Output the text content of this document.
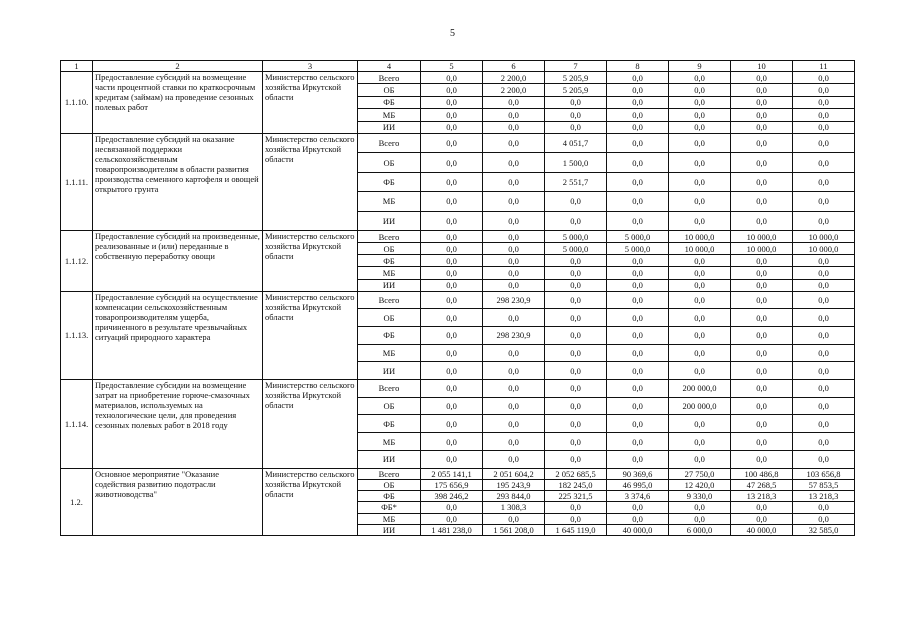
5
1	2	3	4	5	6	7	8	9	10	11
1.1.10.	Предоставление субсидий на возмещение части процентной ставки по краткосрочным кредитам (займам) на проведение сезонных полевых работ	Министерство сельского хозяйства Иркутской области	Всего	0,0	2 200,0	5 205,9	0,0	0,0	0,0	0,0
			ОБ	0,0	2 200,0	5 205,9	0,0	0,0	0,0	0,0
			ФБ	0,0	0,0	0,0	0,0	0,0	0,0	0,0
			МБ	0,0	0,0	0,0	0,0	0,0	0,0	0,0
			ИИ	0,0	0,0	0,0	0,0	0,0	0,0	0,0
1.1.11.	Предоставление субсидий на оказание несвязанной поддержки сельскохозяйственным товаропроизводителям в области развития производства семенного картофеля и овощей открытого грунта	Министерство сельского хозяйства Иркутской области	Всего	0,0	0,0	4 051,7	0,0	0,0	0,0	0,0
			ОБ	0,0	0,0	1 500,0	0,0	0,0	0,0	0,0
			ФБ	0,0	0,0	2 551,7	0,0	0,0	0,0	0,0
			МБ	0,0	0,0	0,0	0,0	0,0	0,0	0,0
			ИИ	0,0	0,0	0,0	0,0	0,0	0,0	0,0
1.1.12.	Предоставление субсидий на произведенные, реализованные и (или) переданные в собственную переработку овощи	Министерство сельского хозяйства Иркутской области	Всего	0,0	0,0	5 000,0	5 000,0	10 000,0	10 000,0	10 000,0
			ОБ	0,0	0,0	5 000,0	5 000,0	10 000,0	10 000,0	10 000,0
			ФБ	0,0	0,0	0,0	0,0	0,0	0,0	0,0
			МБ	0,0	0,0	0,0	0,0	0,0	0,0	0,0
			ИИ	0,0	0,0	0,0	0,0	0,0	0,0	0,0
1.1.13.	Предоставление субсидий на осуществление компенсации сельскохозяйственным товаропроизводителям ущерба, причиненного в результате чрезвычайных ситуаций природного характера	Министерство сельского хозяйства Иркутской области	Всего	0,0	298 230,9	0,0	0,0	0,0	0,0	0,0
			ОБ	0,0	0,0	0,0	0,0	0,0	0,0	0,0
			ФБ	0,0	298 230,9	0,0	0,0	0,0	0,0	0,0
			МБ	0,0	0,0	0,0	0,0	0,0	0,0	0,0
			ИИ	0,0	0,0	0,0	0,0	0,0	0,0	0,0
1.1.14.	Предоставление субсидии на возмещение затрат на приобретение горюче-смазочных материалов, используемых на технологические цели, для проведения сезонных полевых работ в 2018 году	Министерство сельского хозяйства Иркутской области	Всего	0,0	0,0	0,0	0,0	200 000,0	0,0	0,0
			ОБ	0,0	0,0	0,0	0,0	200 000,0	0,0	0,0
			ФБ	0,0	0,0	0,0	0,0	0,0	0,0	0,0
			МБ	0,0	0,0	0,0	0,0	0,0	0,0	0,0
			ИИ	0,0	0,0	0,0	0,0	0,0	0,0	0,0
1.2.	Основное мероприятие "Оказание содействия развитию подотрасли животноводства"	Министерство сельского хозяйства Иркутской области	Всего	2 055 141,1	2 051 604,2	2 052 685,5	90 369,6	27 750,0	100 486,8	103 656,8
			ОБ	175 656,9	195 243,9	182 245,0	46 995,0	12 420,0	47 268,5	57 853,5
			ФБ	398 246,2	293 844,0	225 321,5	3 374,6	9 330,0	13 218,3	13 218,3
			ФБ*	0,0	1 308,3	0,0	0,0	0,0	0,0	0,0
			МБ	0,0	0,0	0,0	0,0	0,0	0,0	0,0
			ИИ	1 481 238,0	1 561 208,0	1 645 119,0	40 000,0	6 000,0	40 000,0	32 585,0
